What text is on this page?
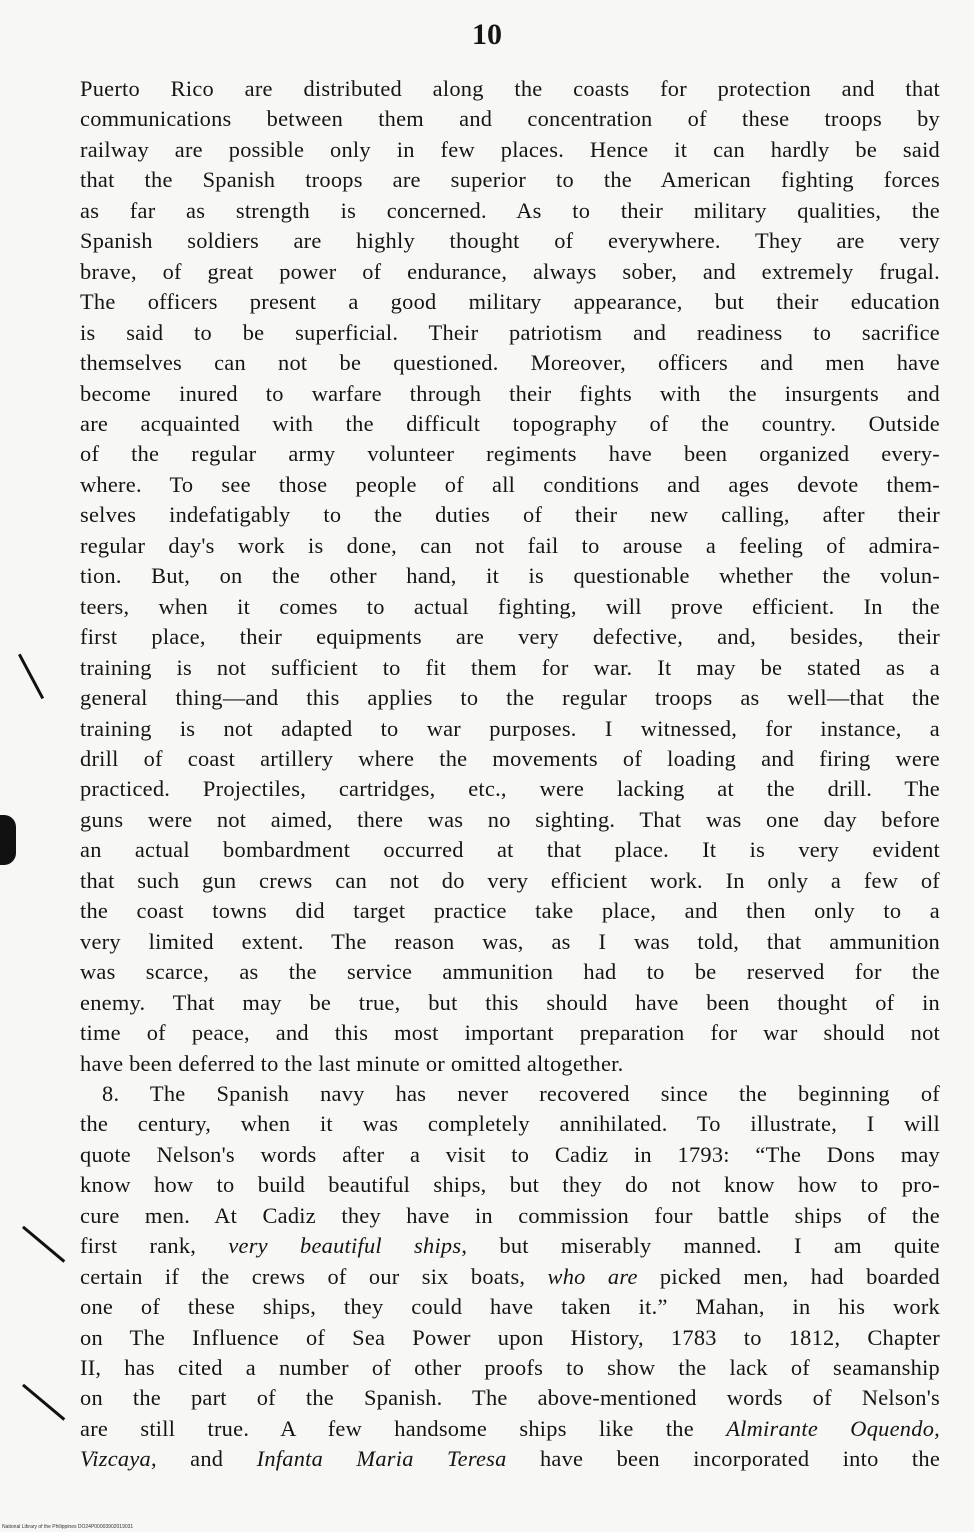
10
Puerto Rico are distributed along the coasts for protection and that
communications between them and concentration of these troops by
railway are possible only in few places. Hence it can hardly be said
that the Spanish troops are superior to the American fighting forces
as far as strength is concerned. As to their military qualities, the
Spanish soldiers are highly thought of everywhere. They are very
brave, of great power of endurance, always sober, and extremely frugal.
The officers present a good military appearance, but their education
is said to be superficial. Their patriotism and readiness to sacrifice
themselves can not be questioned. Moreover, officers and men have
become inured to warfare through their fights with the insurgents and
are acquainted with the difficult topography of the country. Outside
of the regular army volunteer regiments have been organized every-
where. To see those people of all conditions and ages devote them-
selves indefatigably to the duties of their new calling, after their
regular day's work is done, can not fail to arouse a feeling of admira-
tion. But, on the other hand, it is questionable whether the volun-
teers, when it comes to actual fighting, will prove efficient. In the
first place, their equipments are very defective, and, besides, their
training is not sufficient to fit them for war. It may be stated as a
general thing—and this applies to the regular troops as well—that the
training is not adapted to war purposes. I witnessed, for instance, a
drill of coast artillery where the movements of loading and firing were
practiced. Projectiles, cartridges, etc., were lacking at the drill. The
guns were not aimed, there was no sighting. That was one day before
an actual bombardment occurred at that place. It is very evident
that such gun crews can not do very efficient work. In only a few of
the coast towns did target practice take place, and then only to a
very limited extent. The reason was, as I was told, that ammunition
was scarce, as the service ammunition had to be reserved for the
enemy. That may be true, but this should have been thought of in
time of peace, and this most important preparation for war should not
have been deferred to the last minute or omitted altogether.
8. The Spanish navy has never recovered since the beginning of
the century, when it was completely annihilated. To illustrate, I will
quote Nelson's words after a visit to Cadiz in 1793: “The Dons may
know how to build beautiful ships, but they do not know how to pro-
cure men. At Cadiz they have in commission four battle ships of the
first rank, very beautiful ships, but miserably manned. I am quite
certain if the crews of our six boats, who are picked men, had boarded
one of these ships, they could have taken it.” Mahan, in his work
on The Influence of Sea Power upon History, 1783 to 1812, Chapter
II, has cited a number of other proofs to show the lack of seamanship
on the part of the Spanish. The above-mentioned words of Nelson's
are still true. A few handsome ships like the Almirante Oquendo,
Vizcaya, and Infanta Maria Teresa have been incorporated into the
National Library of the Philippines DO24P00003902019031
